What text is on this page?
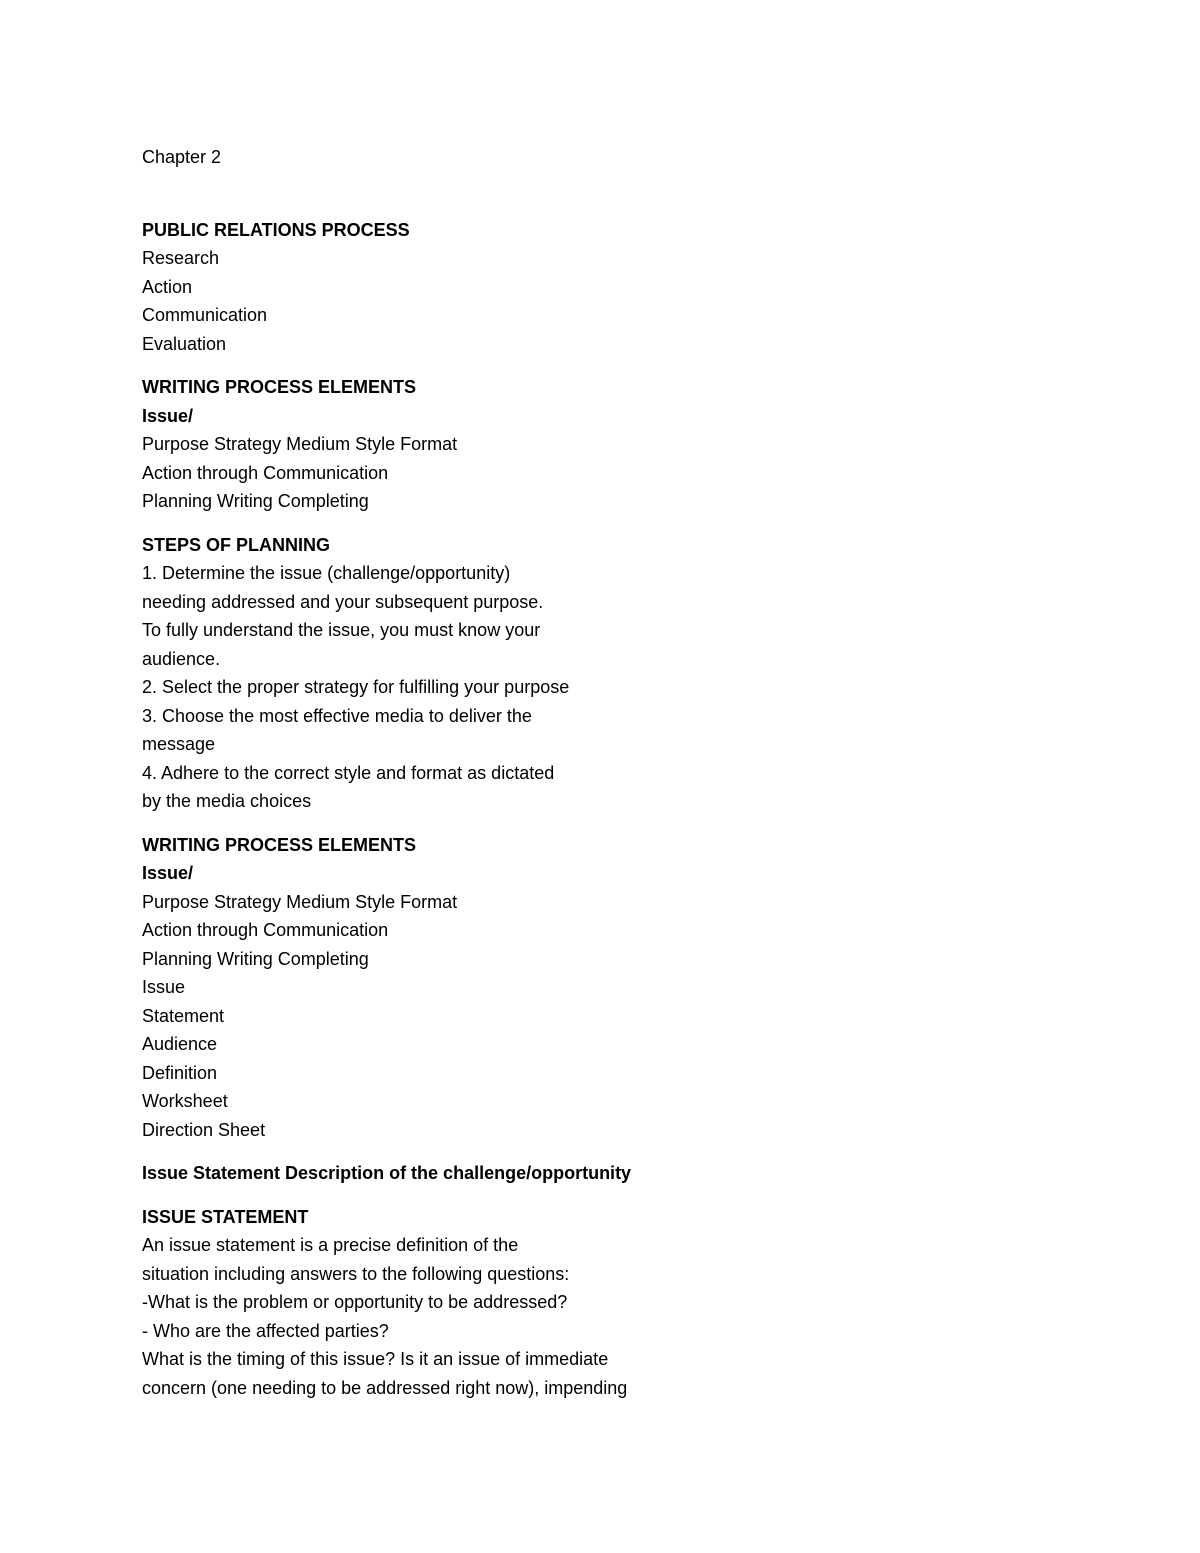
Chapter 2
PUBLIC RELATIONS PROCESS
Research
Action
Communication
Evaluation
WRITING PROCESS ELEMENTS
Issue/
Purpose Strategy Medium Style Format
Action through Communication
Planning Writing Completing
STEPS OF PLANNING
1. Determine the issue (challenge/opportunity)
needing addressed and your subsequent purpose.
To fully understand the issue, you must know your
audience.
2. Select the proper strategy for fulfilling your purpose
3. Choose the most effective media to deliver the
message
4. Adhere to the correct style and format as dictated
by the media choices
WRITING PROCESS ELEMENTS
Issue/
Purpose Strategy Medium Style Format
Action through Communication
Planning Writing Completing
Issue
Statement
Audience
Definition
Worksheet
Direction Sheet
Issue Statement Description of the challenge/opportunity
ISSUE STATEMENT
An issue statement is a precise definition of the
situation including answers to the following questions:
-What is the problem or opportunity to be addressed?
- Who are the affected parties?
What is the timing of this issue? Is it an issue of immediate
concern (one needing to be addressed right now), impending
